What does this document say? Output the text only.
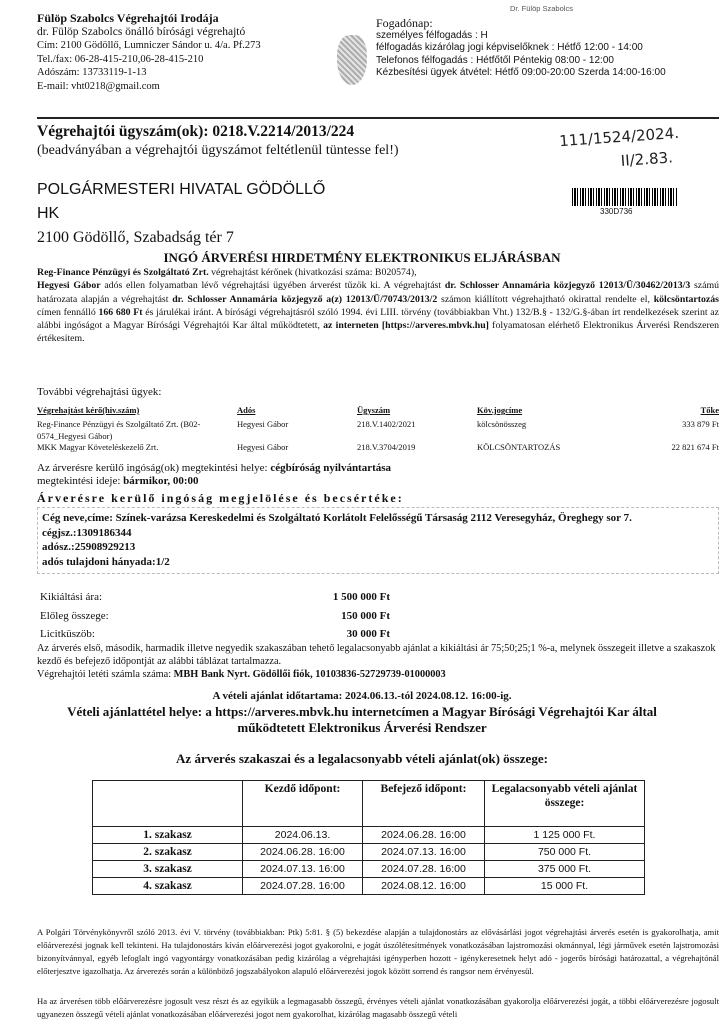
Fülöp Szabolcs Végrehajtói Irodája
dr. Fülöp Szabolcs önálló bírósági végrehajtó
Cím: 2100 Gödöllő, Lumniczer Sándor u. 4/a. Pf.273
Tel./fax: 06-28-415-210,06-28-415-210
Adószám: 13733119-1-13
E-mail: vht0218@gmail.com
Fogadónap:
személyes félfogadás : H
félfogadás kizárólag jogi képviselőknek : Hétfő 12:00 - 14:00
Telefonos félfogadás : Hétfőtől Péntekig 08:00 - 12:00
Kézbesítési ügyek átvétel: Hétfő 09:00-20:00 Szerda 14:00-16:00
Dr. Fülöp Szabolcs
Végrehajtói ügyszám(ok): 0218.V.2214/2013/224
(beadványában a végrehajtói ügyszámot feltétlenül tüntesse fel!)
111/1524/2024.
II/2.83.
POLGÁRMESTERI HIVATAL GÖDÖLLŐ
HK
2100 Gödöllő, Szabadság tér 7
330D736
INGÓ ÁRVERÉSI HIRDETMÉNY ELEKTRONIKUS ELJÁRÁSBAN
Reg-Finance Pénzügyi és Szolgáltató Zrt. végrehajtást kérőnek (hivatkozási száma: B020574),
Hegyesi Gábor adós ellen folyamatban lévő végrehajtási ügyében árverést tűzök ki. A végrehajtást dr. Schlosser Annamária közjegyző 12013/Ü/30462/2013/3 számú határozata alapján a végrehajtást dr. Schlosser Annamária közjegyző a(z) 12013/Ü/70743/2013/2 számon kiállított végrehajtható okirattal rendelte el, kölcsöntartozás címen fennálló 166 680 Ft és járulékai iránt. A bírósági végrehajtásról szóló 1994. évi LIII. törvény (továbbiakban Vht.) 132/B.§ - 132/G.§-ában írt rendelkezések szerint az alábbi ingóságot a Magyar Bírósági Végrehajtói Kar által működtetett, az interneten [https://arveres.mbvk.hu] folyamatosan elérhető Elektronikus Árverési Rendszeren értékesítem.
További végrehajtási ügyek:
Végrehajtást kérő(hiv.szám)	Adós	Ügyszám	Köv.jogcíme	Tőke
Reg-Finance Pénzügyi és Szolgáltató Zrt. (B02-0574_Hegyesi Gábor)	Hegyesi Gábor	218.V.1402/2021	kölcsönösszeg	333 879 Ft
MKK Magyar Követeléskezelő Zrt.	Hegyesi Gábor	218.V.3704/2019	KÖLCSÖNTARTOZÁS	22 821 674 Ft
Az árverésre kerülő ingóság(ok) megtekintési helye: cégbíróság nyilvántartása
megtekintési ideje: bármikor, 00:00
Árverésre kerülő ingóság megjelölése és becsértéke:
Cég neve,címe: Színek-varázsa Kereskedelmi és Szolgáltató Korlátolt Felelősségű Társaság 2112 Veresegyház, Öreghegy sor 7.
cégjsz.:1309186344
adósz.:25908929213
adós tulajdoni hányada:1/2
Kikiáltási ára:	1 500 000 Ft
Előleg összege:	150 000 Ft
Licitküszöb:	30 000 Ft
Az árverés első, második, harmadik illetve negyedik szakaszában tehető legalacsonyabb ajánlat a kikiáltási ár 75;50;25;1 %-a, melynek összegeit illetve a szakaszok kezdő és befejező időpontját az alábbi táblázat tartalmazza.
Végrehajtói letéti számla száma: MBH Bank Nyrt. Gödöllői fiók, 10103836-52729739-01000003
A vételi ajánlat időtartama: 2024.06.13.-tól 2024.08.12. 16:00-ig.
Vételi ajánlattétel helye: a https://arveres.mbvk.hu internetcímen a Magyar Bírósági Végrehajtói Kar által
működtetett Elektronikus Árverési Rendszer
Az árverés szakaszai és a legalacsonyabb vételi ajánlat(ok) összege:
	Kezdő időpont:	Befejező időpont:	Legalacsonyabb vételi ajánlat összege:
1. szakasz	2024.06.13.	2024.06.28. 16:00	1 125 000 Ft.
2. szakasz	2024.06.28. 16:00	2024.07.13. 16:00	750 000 Ft.
3. szakasz	2024.07.13. 16:00	2024.07.28. 16:00	375 000 Ft.
4. szakasz	2024.07.28. 16:00	2024.08.12. 16:00	15 000 Ft.
A Polgári Törvénykönyvről szóló 2013. évi V. törvény (továbbiakban: Ptk) 5:81. § (5) bekezdése alapján a tulajdonostárs az elővásárlási jogot végrehajtási árverés esetén is gyakorolhatja, amit előárverezési jognak kell tekinteni. Ha tulajdonostárs kíván előárverezési jogot gyakorolni, e jogát úszólétesítmények vonatkozásában lajstromozási okmánnyal, légi járművek esetén lajstromozási bizonyítvánnyal, egyéb lefoglalt ingó vagyontárgy vonatkozásában pedig kizárólag a végrehajtási igényperben hozott - igénykeresetnek helyt adó - jogerős bírósági határozattal, a végrehajtónál előterjesztve igazolhatja. Az árverezés során a különböző jogszabályokon alapuló előárverezési jogok között sorrend és rangsor nem érvényesül.
Ha az árverésen több előárverezésre jogosult vesz részt és az egyikük a legmagasabb összegű, érvényes vételi ajánlat vonatkozásában gyakorolja előárverezési jogát, a többi előárverezésre jogosult ugyanezen összegű vételi ajánlat vonatkozásában előárverezési jogot nem gyakorolhat, kizárólag magasabb összegű vételi
